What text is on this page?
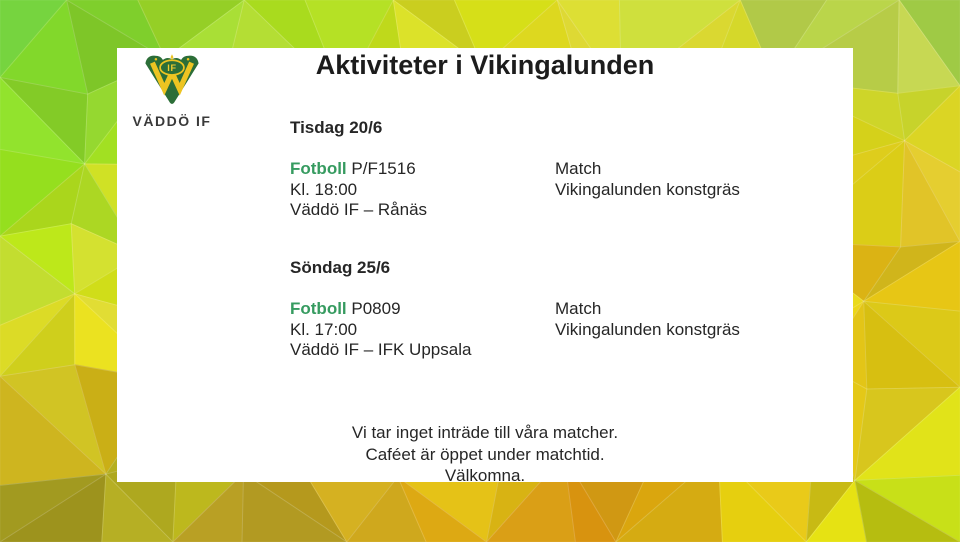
IF
VÄDDÖ IF
Aktiviteter i Vikingalunden
Tisdag 20/6
Fotboll P/F1516
Kl. 18:00
Väddö IF – Rånäs
Match
Vikingalunden konstgräs
Söndag 25/6
Fotboll P0809
Kl. 17:00
Väddö IF – IFK Uppsala
Match
Vikingalunden konstgräs
Vi tar inget inträde till våra matcher.
Caféet är öppet under matchtid.
Välkomna.
